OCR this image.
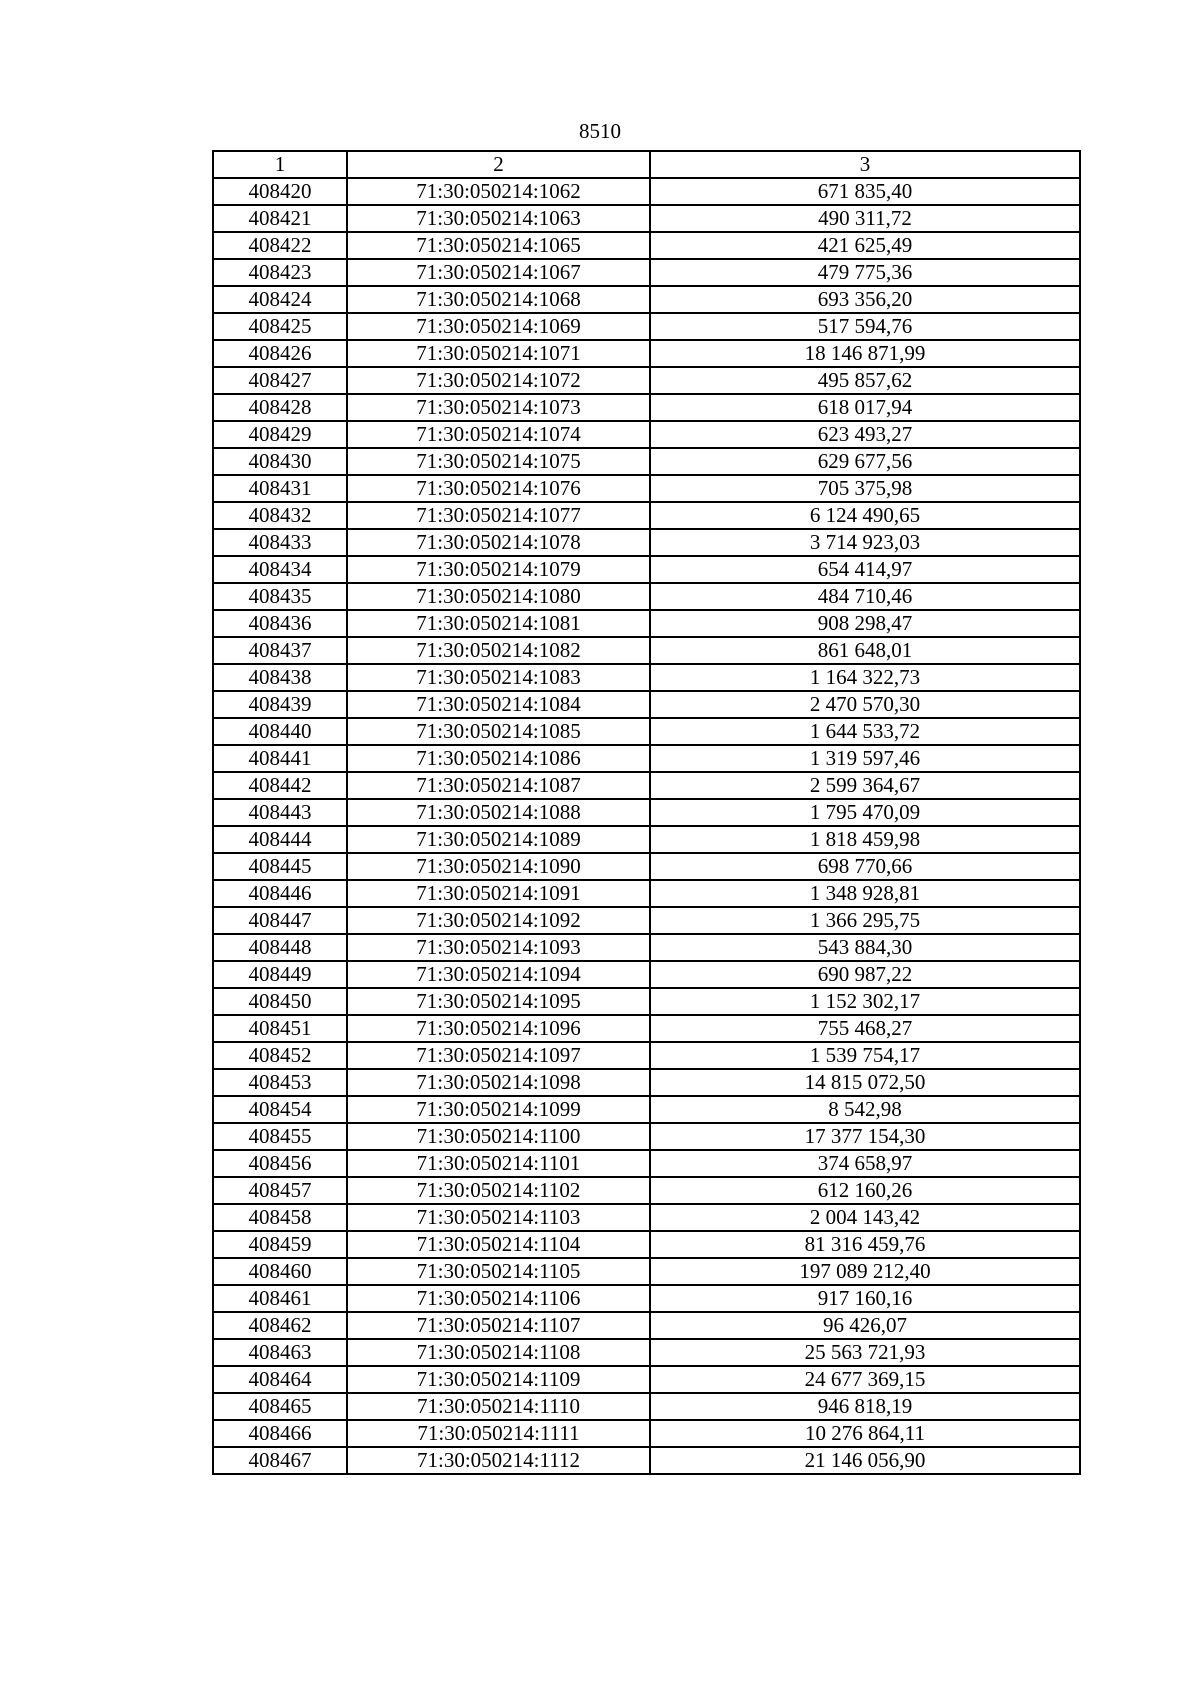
8510
1	2	3
408420	71:30:050214:1062	671 835,40
408421	71:30:050214:1063	490 311,72
408422	71:30:050214:1065	421 625,49
408423	71:30:050214:1067	479 775,36
408424	71:30:050214:1068	693 356,20
408425	71:30:050214:1069	517 594,76
408426	71:30:050214:1071	18 146 871,99
408427	71:30:050214:1072	495 857,62
408428	71:30:050214:1073	618 017,94
408429	71:30:050214:1074	623 493,27
408430	71:30:050214:1075	629 677,56
408431	71:30:050214:1076	705 375,98
408432	71:30:050214:1077	6 124 490,65
408433	71:30:050214:1078	3 714 923,03
408434	71:30:050214:1079	654 414,97
408435	71:30:050214:1080	484 710,46
408436	71:30:050214:1081	908 298,47
408437	71:30:050214:1082	861 648,01
408438	71:30:050214:1083	1 164 322,73
408439	71:30:050214:1084	2 470 570,30
408440	71:30:050214:1085	1 644 533,72
408441	71:30:050214:1086	1 319 597,46
408442	71:30:050214:1087	2 599 364,67
408443	71:30:050214:1088	1 795 470,09
408444	71:30:050214:1089	1 818 459,98
408445	71:30:050214:1090	698 770,66
408446	71:30:050214:1091	1 348 928,81
408447	71:30:050214:1092	1 366 295,75
408448	71:30:050214:1093	543 884,30
408449	71:30:050214:1094	690 987,22
408450	71:30:050214:1095	1 152 302,17
408451	71:30:050214:1096	755 468,27
408452	71:30:050214:1097	1 539 754,17
408453	71:30:050214:1098	14 815 072,50
408454	71:30:050214:1099	8 542,98
408455	71:30:050214:1100	17 377 154,30
408456	71:30:050214:1101	374 658,97
408457	71:30:050214:1102	612 160,26
408458	71:30:050214:1103	2 004 143,42
408459	71:30:050214:1104	81 316 459,76
408460	71:30:050214:1105	197 089 212,40
408461	71:30:050214:1106	917 160,16
408462	71:30:050214:1107	96 426,07
408463	71:30:050214:1108	25 563 721,93
408464	71:30:050214:1109	24 677 369,15
408465	71:30:050214:1110	946 818,19
408466	71:30:050214:1111	10 276 864,11
408467	71:30:050214:1112	21 146 056,90
